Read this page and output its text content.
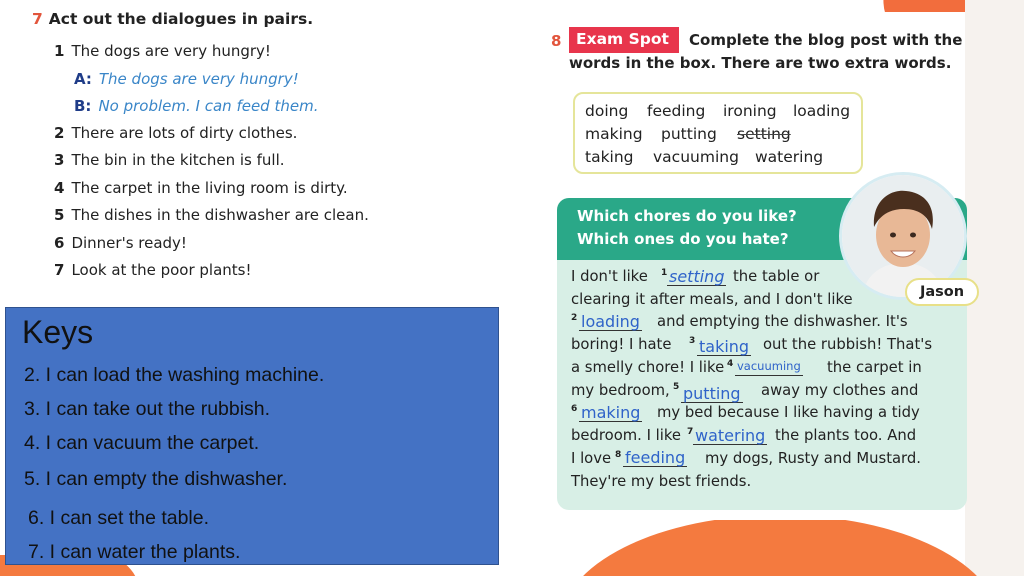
7 Act out the dialogues in pairs.
1 The dogs are very hungry!
A: The dogs are very hungry!
B: No problem. I can feed them.
2 There are lots of dirty clothes.
3 The bin in the kitchen is full.
4 The carpet in the living room is dirty.
5 The dishes in the dishwasher are clean.
6 Dinner's ready!
7 Look at the poor plants!
Keys
2. I can load the washing machine.
3. I can take out the rubbish.
4. I can vacuum the carpet.
5. I can empty the dishwasher.
6. I can set the table.
7. I can water the plants.
8 Exam Spot	Complete the blog post with the
words in the box. There are two extra words.
doing feeding ironing loading
making putting setting
taking vacuuming watering
Which chores do you like?
Which ones do you hate?
I don't like $^1$ setting the table or
clearing it after meals, and I don't like
$^2$ loading and emptying the dishwasher. It's
boring! I hate $^3$ taking out the rubbish! That's
a smelly chore! I like $^4$ vacuuming the carpet in
my bedroom, $^5$ putting away my clothes and
$^6$ making my bed because I like having a tidy
bedroom. I like $^7$ watering the plants too. And
I love $^8$ feeding my dogs, Rusty and Mustard.
They're my best friends.
Jason
